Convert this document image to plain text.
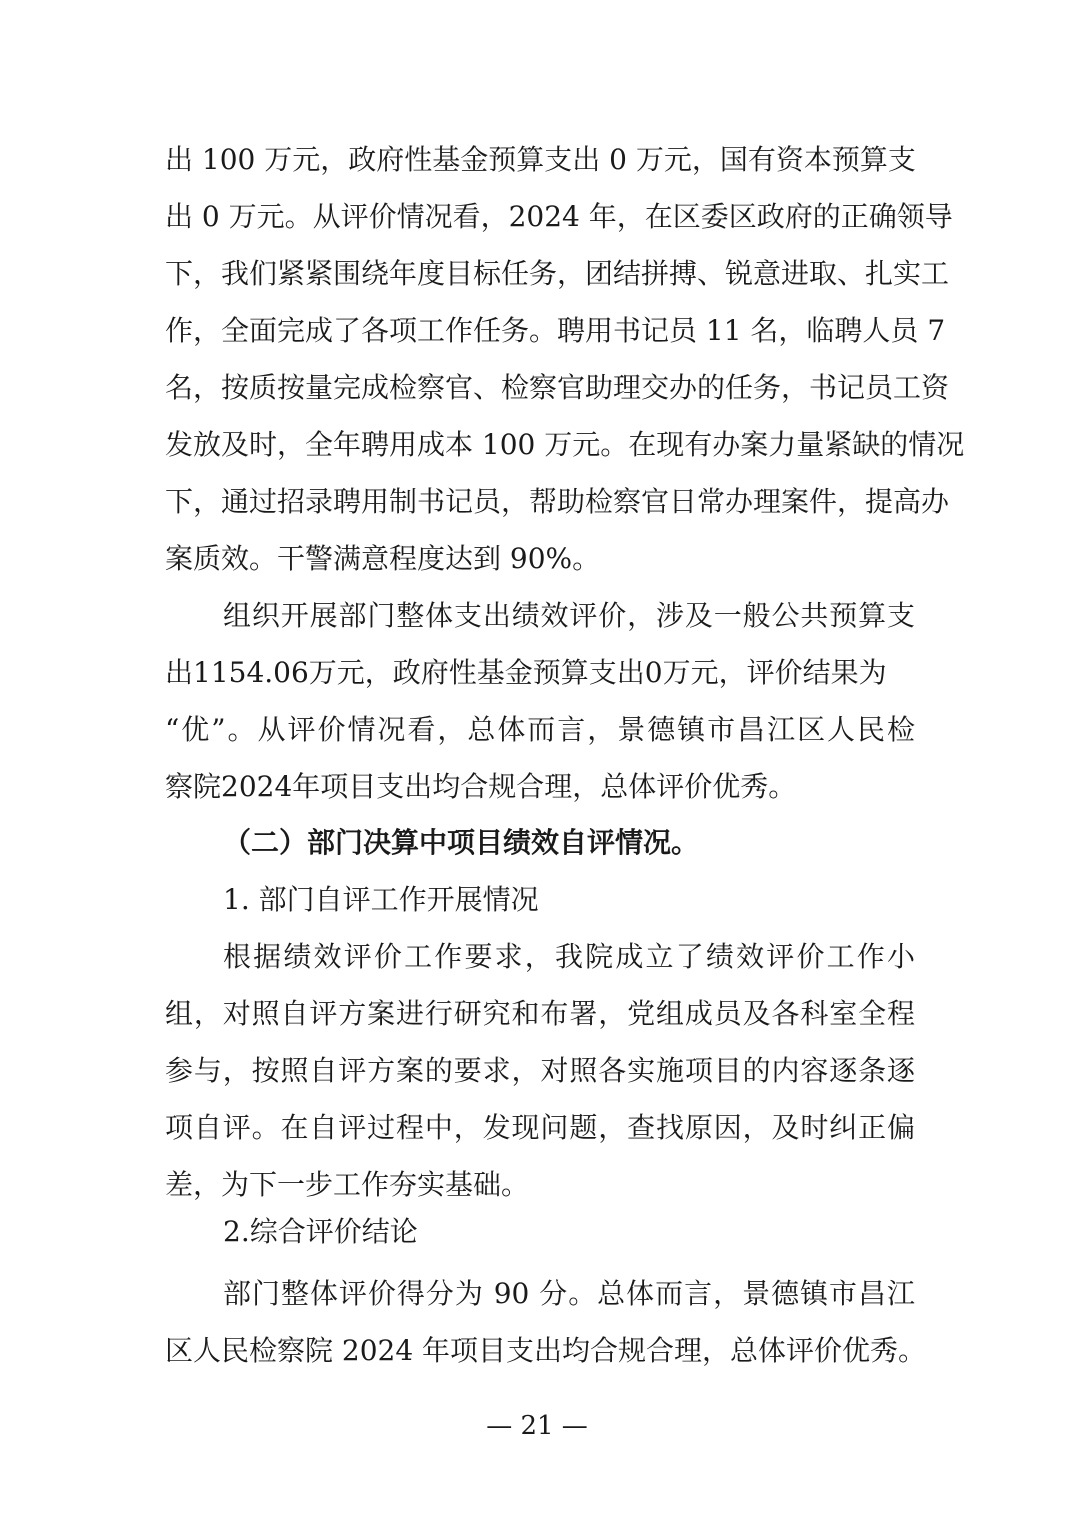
出 100 万元，政府性基金预算支出 0 万元，国有资本预算支
出 0 万元。从评价情况看，2024 年，在区委区政府的正确领导
下，我们紧紧围绕年度目标任务，团结拼搏、锐意进取、扎实工
作，全面完成了各项工作任务。聘用书记员 11 名，临聘人员 7
名，按质按量完成检察官、检察官助理交办的任务，书记员工资
发放及时，全年聘用成本 100 万元。在现有办案力量紧缺的情况
下，通过招录聘用制书记员，帮助检察官日常办理案件，提高办
案质效。干警满意程度达到 90%。
组织开展部门整体支出绩效评价，涉及一般公共预算支
出1154.06万元，政府性基金预算支出0万元，评价结果为
“优”。从评价情况看，总体而言，景德镇市昌江区人民检
察院2024年项目支出均合规合理，总体评价优秀。
（二）部门决算中项目绩效自评情况。
1. 部门自评工作开展情况
根据绩效评价工作要求，我院成立了绩效评价工作小
组，对照自评方案进行研究和布署，党组成员及各科室全程
参与，按照自评方案的要求，对照各实施项目的内容逐条逐
项自评。在自评过程中，发现问题，查找原因，及时纠正偏
差，为下一步工作夯实基础。
2.综合评价结论
部门整体评价得分为 90 分。总体而言，景德镇市昌江
区人民检察院 2024 年项目支出均合规合理，总体评价优秀。
— 21 —
